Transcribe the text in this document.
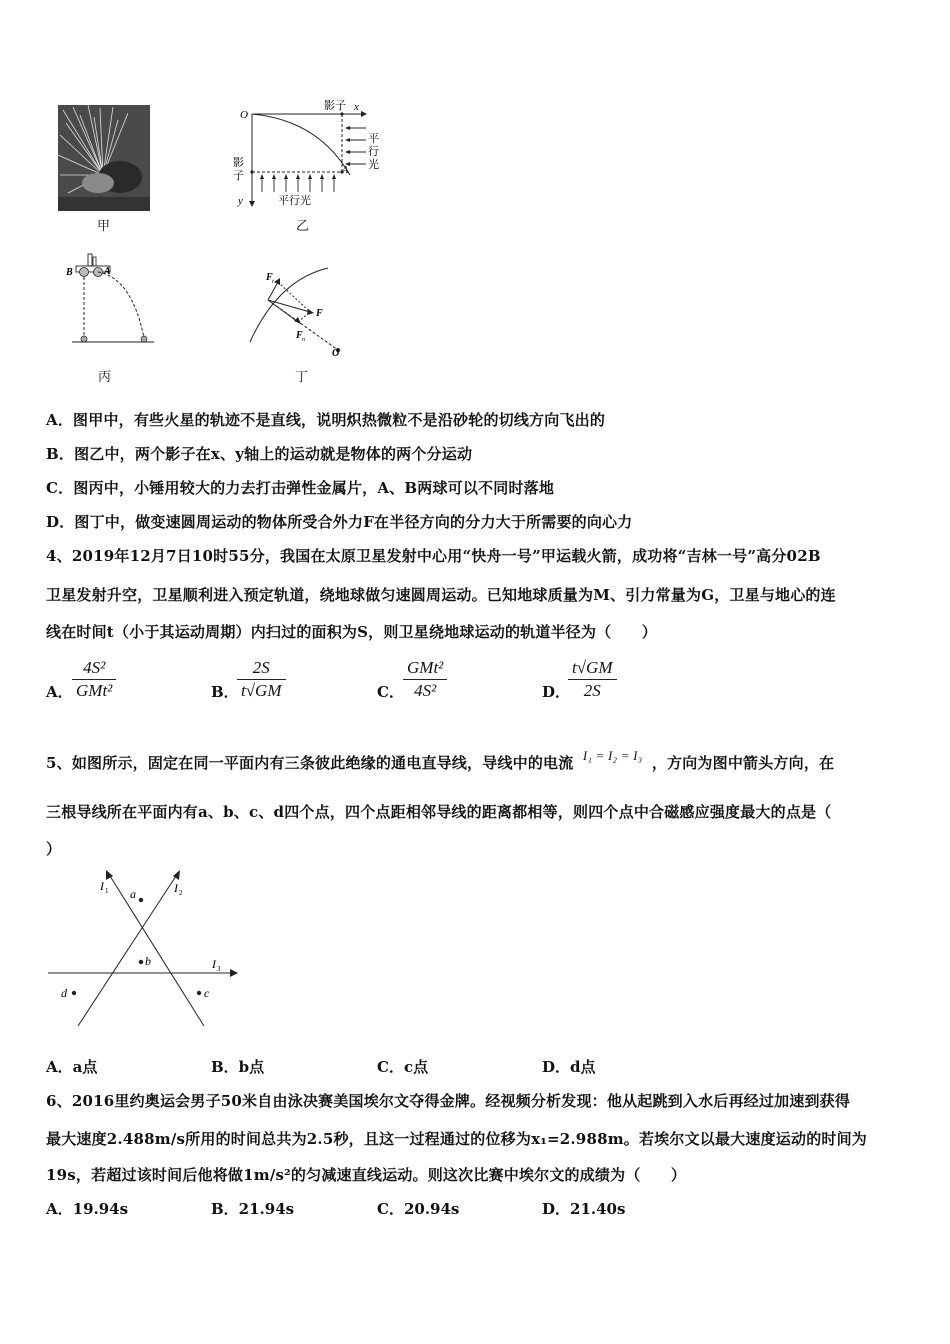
甲
O
x
y
A
影子
影
子
平行光
平
行
光
乙
B	A
丙
F t
F
F n
O
丁
A．图甲中，有些火星的轨迹不是直线，说明炽热微粒不是沿砂轮的切线方向飞出的
B．图乙中，两个影子在x、y轴上的运动就是物体的两个分运动
C．图丙中，小锤用较大的力去打击弹性金属片，A、B两球可以不同时落地
D．图丁中，做变速圆周运动的物体所受合外力F在半径方向的分力大于所需要的向心力
4、2019年12月7日10时55分，我国在太原卫星发射中心用“快舟一号”甲运载火箭，成功将“吉林一号”高分02B
卫星发射升空，卫星顺利进入预定轨道，绕地球做匀速圆周运动。已知地球质量为M、引力常量为G，卫星与地心的连
线在时间t（小于其运动周期）内扫过的面积为S，则卫星绕地球运动的轨道半径为（　　）
A．
4S²
GMt²	B．
$\frac{2S}{t√GM}$	C．
GMt²
4S²	D．
$\frac{t√GM}{2S}$
5、如图所示，固定在同一平面内有三条彼此绝缘的通电直导线，导线中的电流 I₁ = I₂ = I₃ ，方向为图中箭头方向，在
三根导线所在平面内有a、b、c、d四个点，四个点距相邻导线的距离都相等，则四个点中合磁感应强度最大的点是（
）
I 1	I 2
I 3
a
b
c
d
A．a点	B．b点	C．c点	D．d点
6、2016里约奥运会男子50米自由泳决赛美国埃尔文夺得金牌。经视频分析发现：他从起跳到入水后再经过加速到获得
最大速度2.488m/s所用的时间总共为2.5秒，且这一过程通过的位移为x₁=2.988m。若埃尔文以最大速度运动的时间为
19s，若超过该时间后他将做1m/s²的匀减速直线运动。则这次比赛中埃尔文的成绩为（　　）
A．19.94s	B．21.94s	C．20.94s	D．21.40s
